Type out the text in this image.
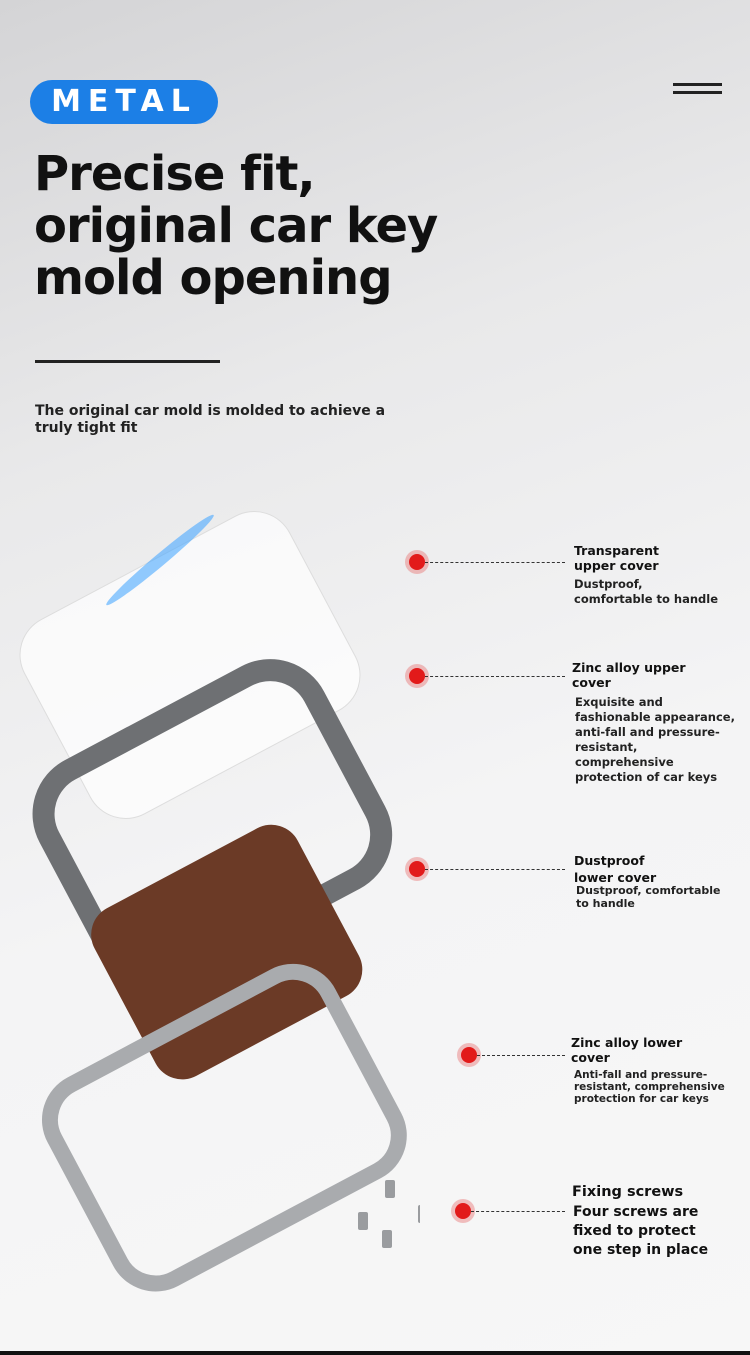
METAL
Precise fit, original car key mold opening
The original car mold is molded to achieve a truly tight fit
Transparent upper cover
Dustproof, comfortable to handle
Zinc alloy upper cover
Exquisite and fashionable appearance, anti-fall and pressure-resistant, comprehensive protection of car keys
Dustproof lower cover
Dustproof, comfortable to handle
Zinc alloy lower cover
Anti-fall and pressure-resistant, comprehensive protection for car keys
Fixing screws
Four screws are fixed to protect one step in place
